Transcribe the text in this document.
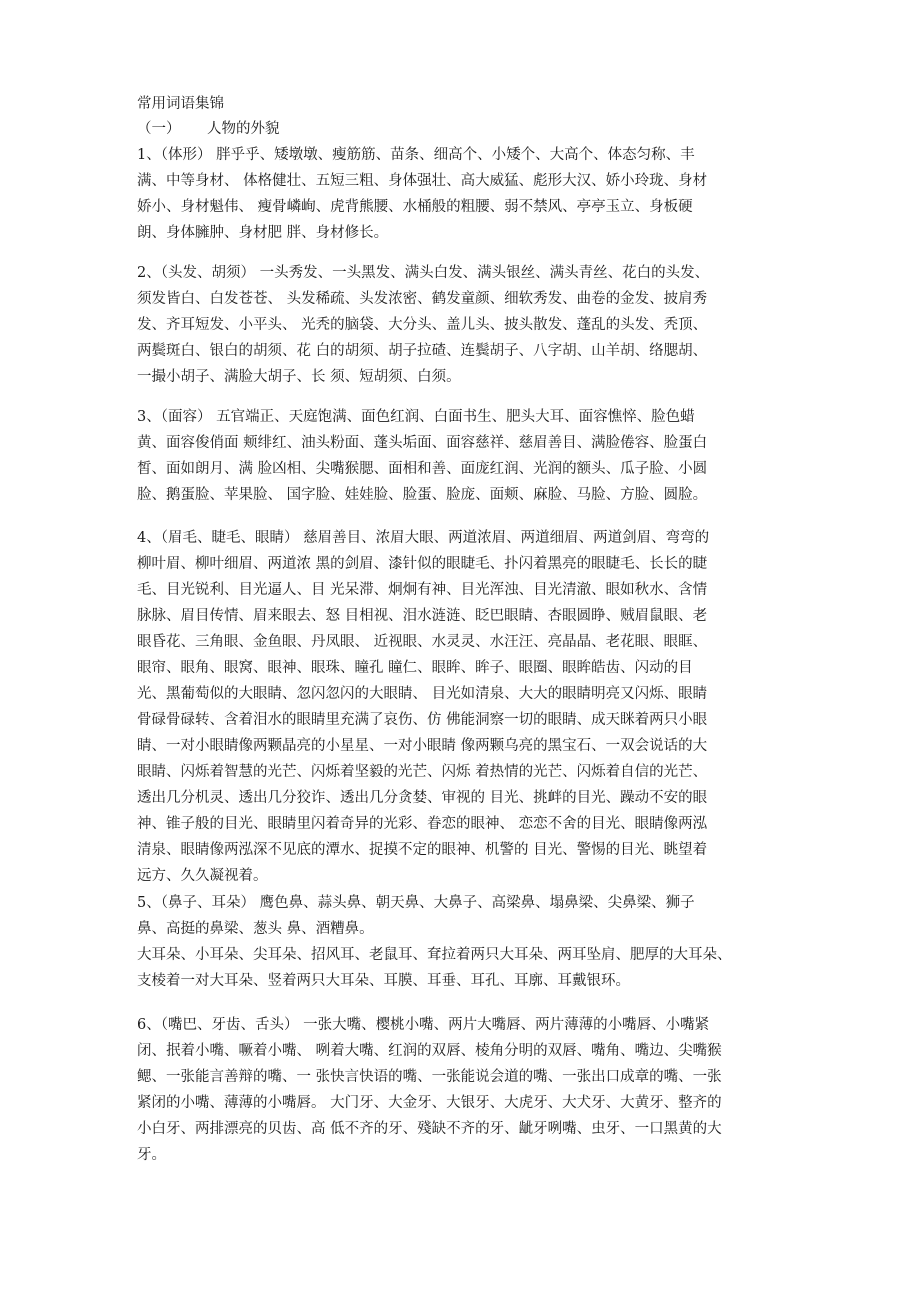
常用词语集锦
（一） 人物的外貌
1、（体形） 胖乎乎、矮墩墩、瘦筋筋、苗条、细高个、小矮个、大高个、体态匀称、丰
满、中等身材、 体格健壮、五短三粗、身体强壮、高大威猛、彪形大汉、娇小玲珑、身材
娇小、身材魁伟、 瘦骨嶙峋、虎背熊腰、水桶般的粗腰、弱不禁风、亭亭玉立、身板硬
朗、身体臃肿、身材肥 胖、身材修长。
2、（头发、胡须） 一头秀发、一头黑发、满头白发、满头银丝、满头青丝、花白的头发、
须发皆白、白发苍苍、 头发稀疏、头发浓密、鹤发童颜、细软秀发、曲卷的金发、披肩秀
发、齐耳短发、小平头、 光秃的脑袋、大分头、盖儿头、披头散发、蓬乱的头发、秃顶、
两鬓斑白、银白的胡须、花 白的胡须、胡子拉碴、连鬓胡子、八字胡、山羊胡、络腮胡、
一撮小胡子、满脸大胡子、长 须、短胡须、白须。
3、（面容） 五官端正、天庭饱满、面色红润、白面书生、肥头大耳、面容憔悴、脸色蜡
黄、面容俊俏面 颊绯红、油头粉面、蓬头垢面、面容慈祥、慈眉善目、满脸倦容、脸蛋白
皙、面如朗月、满 脸凶相、尖嘴猴腮、面相和善、面庞红润、光润的额头、瓜子脸、小圆
脸、鹅蛋脸、苹果脸、 国字脸、娃娃脸、脸蛋、脸庞、面颊、麻脸、马脸、方脸、圆脸。
4、（眉毛、睫毛、眼睛） 慈眉善目、浓眉大眼、两道浓眉、两道细眉、两道剑眉、弯弯的
柳叶眉、柳叶细眉、两道浓 黑的剑眉、漆针似的眼睫毛、扑闪着黑亮的眼睫毛、长长的睫
毛、目光锐利、目光逼人、目 光呆滞、炯炯有神、目光浑浊、目光清澈、眼如秋水、含情
脉脉、眉目传情、眉来眼去、怒 目相视、泪水涟涟、眨巴眼睛、杏眼圆睁、贼眉鼠眼、老
眼昏花、三角眼、金鱼眼、丹凤眼、 近视眼、水灵灵、水汪汪、亮晶晶、老花眼、眼眶、
眼帘、眼角、眼窝、眼神、眼珠、瞳孔 瞳仁、眼眸、眸子、眼圈、眼眸皓齿、闪动的目
光、黑葡萄似的大眼睛、忽闪忽闪的大眼睛、 目光如清泉、大大的眼睛明亮又闪烁、眼睛
骨碌骨碌转、含着泪水的眼睛里充满了哀伤、仿 佛能洞察一切的眼睛、成天眯着两只小眼
睛、一对小眼睛像两颗晶亮的小星星、一对小眼睛 像两颗乌亮的黑宝石、一双会说话的大
眼睛、闪烁着智慧的光芒、闪烁着坚毅的光芒、闪烁 着热情的光芒、闪烁着自信的光芒、
透出几分机灵、透出几分狡诈、透出几分贪婪、审视的 目光、挑衅的目光、躁动不安的眼
神、锥子般的目光、眼睛里闪着奇异的光彩、眷恋的眼神、 恋恋不舍的目光、眼睛像两泓
清泉、眼睛像两泓深不见底的潭水、捉摸不定的眼神、机警的 目光、警惕的目光、眺望着
远方、久久凝视着。
5、（鼻子、耳朵） 鹰色鼻、蒜头鼻、朝天鼻、大鼻子、高梁鼻、塌鼻梁、尖鼻梁、狮子
鼻、高挺的鼻梁、葱头 鼻、酒糟鼻。
大耳朵、小耳朵、尖耳朵、招风耳、老鼠耳、耷拉着两只大耳朵、两耳坠肩、肥厚的大耳朵、
支棱着一对大耳朵、竖着两只大耳朵、耳膜、耳垂、耳孔、耳廓、耳戴银环。
6、（嘴巴、牙齿、舌头） 一张大嘴、樱桃小嘴、两片大嘴唇、两片薄薄的小嘴唇、小嘴紧
闭、抿着小嘴、噘着小嘴、 咧着大嘴、红润的双唇、棱角分明的双唇、嘴角、嘴边、尖嘴猴
鳃、一张能言善辩的嘴、一 张快言快语的嘴、一张能说会道的嘴、一张出口成章的嘴、一张
紧闭的小嘴、薄薄的小嘴唇。 大门牙、大金牙、大银牙、大虎牙、大犬牙、大黄牙、整齐的
小白牙、两排漂亮的贝齿、高 低不齐的牙、殘缺不齐的牙、龇牙咧嘴、虫牙、一口黑黄的大
牙。
